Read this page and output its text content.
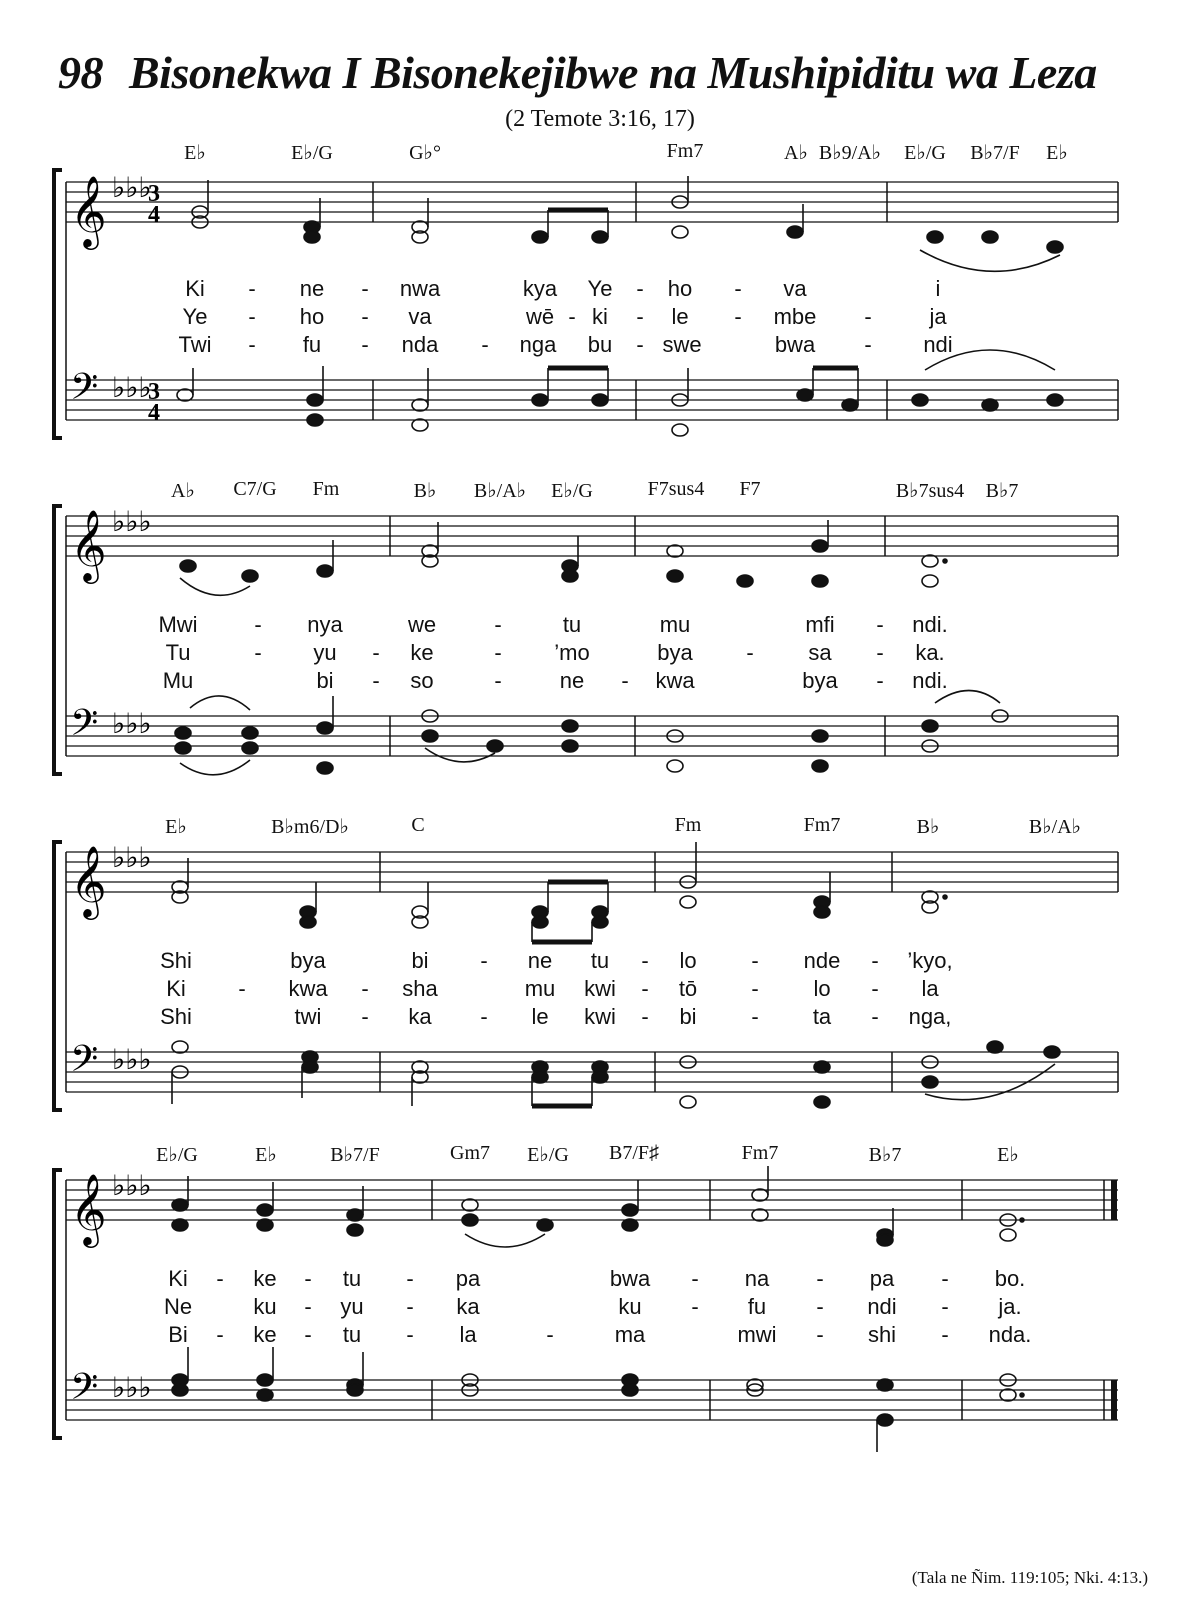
98 Bisonekwa I Bisonekejibwe na Mushipiditu wa Leza
(2 Temote 3:16, 17)
E♭	E♭/G	G♭°	Fm7	A♭ B♭9/A♭ E♭/G B♭7/F E♭
𝄞
𝄢
♭♭♭
♭♭♭
3
4
3
4
Ki - ne - nwa	kya Ye - ho - va	i
Ye - ho - va	wē - ki - le - mbe -	ja
Twi - fu - nda - nga bu - swe	bwa - ndi
A♭ C7/G Fm	B♭ B♭/A♭ E♭/G	F7sus4 F7	B♭7sus4 B♭7
𝄞
𝄢
♭♭♭
♭♭♭
Mwi	- nya	we	-	tu	mu	mfi - ndi.
Tu	- yu - ke	- ’mo	bya - sa - ka.
Mu	bi - so	-	ne - kwa	bya - ndi.
E♭	B♭m6/D♭	C	Fm	Fm7	B♭	B♭/A♭
𝄞
𝄢
♭♭♭
♭♭♭
Shi	bya	bi - ne tu - lo - nde - ’kyo,
Ki - kwa - sha	mu kwi - tō - lo - la
Shi	twi - ka - le kwi - bi - ta - nga,
E♭/G	E♭	B♭7/F	Gm7 E♭/G B7/F♯	Fm7	B♭7	E♭
𝄞
𝄢
♭♭♭
♭♭♭
Ki - ke - tu - pa	bwa - na - pa - bo.
Ne	ku - yu - ka	ku - fu - ndi - ja.
Bi - ke - tu - la	-	ma	mwi - shi - nda.
(Tala ne Ñim. 119:105; Nki. 4:13.)
